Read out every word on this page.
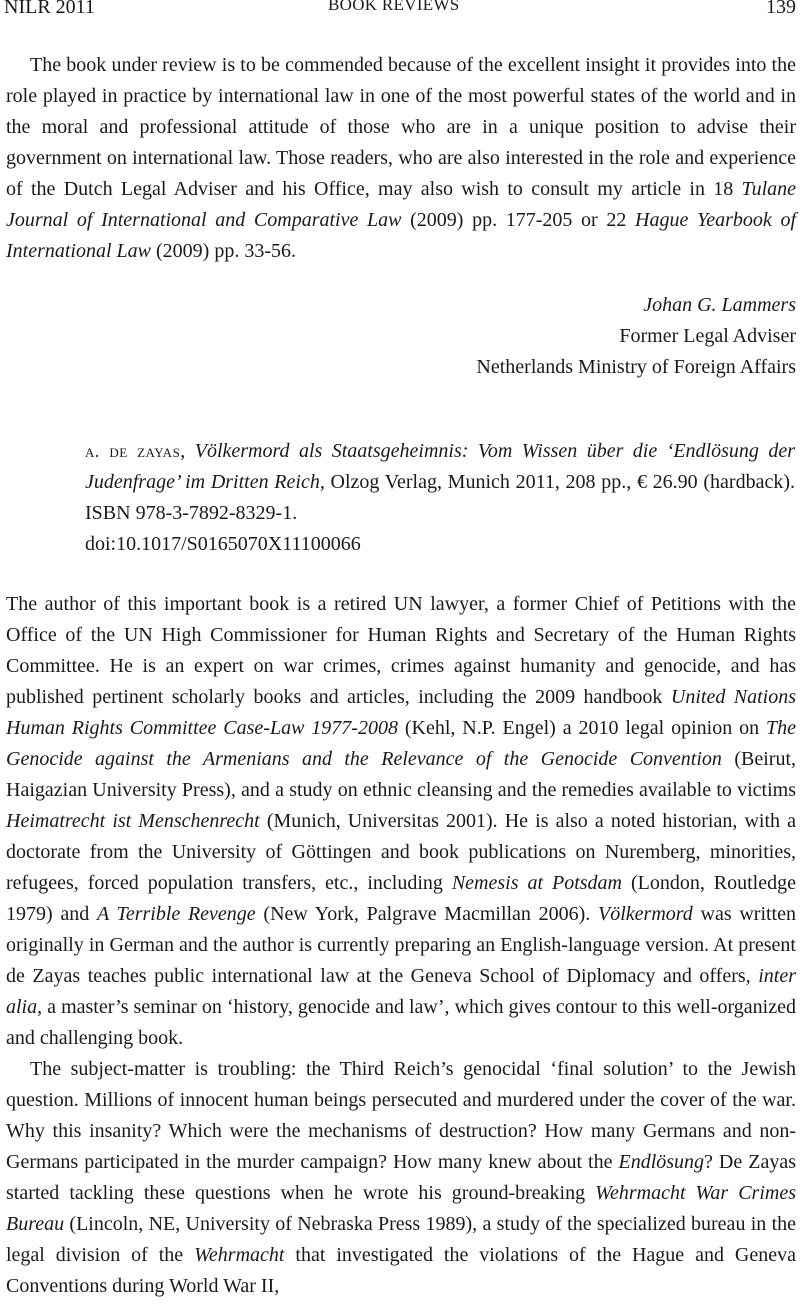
NILR 2011	BOOK REVIEWS	139

The book under review is to be commended because of the excellent insight it provides into the role played in practice by international law in one of the most powerful states of the world and in the moral and professional attitude of those who are in a unique position to advise their government on international law. Those readers, who are also interested in the role and experience of the Dutch Legal Adviser and his Office, may also wish to consult my article in 18 Tulane Journal of International and Comparative Law (2009) pp. 177-205 or 22 Hague Yearbook of International Law (2009) pp. 33-56.

Johan G. Lammers
Former Legal Adviser
Netherlands Ministry of Foreign Affairs
a. de zayas, Völkermord als Staatsgeheimnis: Vom Wissen über die ‘Endlösung der Judenfrage’ im Dritten Reich, Olzog Verlag, Munich 2011, 208 pp., € 26.90 (hardback). ISBN 978-3-7892-8329-1.
doi:10.1017/S0165070X11100066

The author of this important book is a retired UN lawyer, a former Chief of Petitions with the Office of the UN High Commissioner for Human Rights and Secretary of the Human Rights Committee. He is an expert on war crimes, crimes against humanity and genocide, and has published pertinent scholarly books and articles, including the 2009 handbook United Nations Human Rights Committee Case-Law 1977-2008 (Kehl, N.P. Engel) a 2010 legal opinion on The Genocide against the Armenians and the Relevance of the Genocide Convention (Beirut, Haigazian University Press), and a study on ethnic cleansing and the remedies available to victims Heimatrecht ist Menschenrecht (Munich, Universitas 2001). He is also a noted historian, with a doctorate from the University of Göttingen and book publications on Nuremberg, minorities, refugees, forced population transfers, etc., including Nemesis at Potsdam (London, Routledge 1979) and A Terrible Revenge (New York, Palgrave Macmillan 2006). Völkermord was written originally in German and the author is currently preparing an English-language version. At present de Zayas teaches public international law at the Geneva School of Diplomacy and offers, inter alia, a master’s seminar on ‘history, genocide and law’, which gives contour to this well-organized and challenging book.

The subject-matter is troubling: the Third Reich’s genocidal ‘final solution’ to the Jewish question. Millions of innocent human beings persecuted and murdered under the cover of the war. Why this insanity? Which were the mechanisms of destruction? How many Germans and non-Germans participated in the murder campaign? How many knew about the Endlösung? De Zayas started tackling these questions when he wrote his ground-breaking Wehrmacht War Crimes Bureau (Lincoln, NE, University of Nebraska Press 1989), a study of the specialized bureau in the legal division of the Wehrmacht that investigated the violations of the Hague and Geneva Conventions during World War II,
